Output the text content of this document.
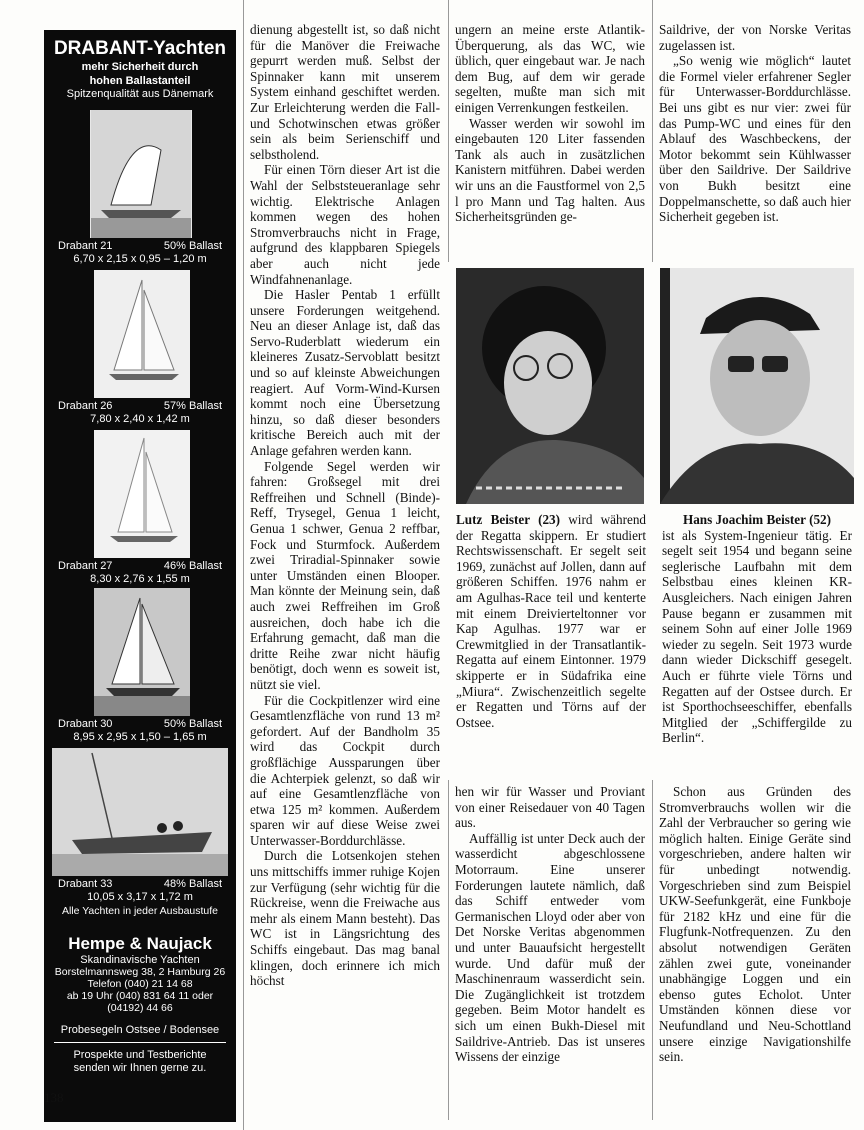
DRABANT-Yachten
mehr Sicherheit durch
hohen Ballastanteil
Spitzenqualität aus Dänemark
Drabant 21	50% Ballast
6,70 x 2,15 x 0,95 – 1,20 m
Drabant 26	57% Ballast
7,80 x 2,40 x 1,42 m
Drabant 27	46% Ballast
8,30 x 2,76 x 1,55 m
Drabant 30	50% Ballast
8,95 x 2,95 x 1,50 – 1,65 m
Drabant 33	48% Ballast
10,05 x 3,17 x 1,72 m
Alle Yachten in jeder Ausbaustufe
Hempe & Naujack
Skandinavische Yachten
Borstelmannsweg 38, 2 Hamburg 26
Telefon (040) 21 14 68
ab 19 Uhr (040) 831 64 11 oder
(04192) 44 66
Probesegeln Ostsee / Bodensee
Prospekte und Testberichte
senden wir Ihnen gerne zu.

dienung abgestellt ist, so daß nicht für die Manöver die Freiwache gepurrt werden muß. Selbst der Spinnaker kann mit unserem System einhand geschiftet werden. Zur Erleichterung werden die Fall- und Schotwinschen etwas größer sein als beim Serienschiff und selbstholend.

Für einen Törn dieser Art ist die Wahl der Selbststeueranlage sehr wichtig. Elektrische Anlagen kommen wegen des hohen Stromverbrauchs nicht in Frage, aufgrund des klappbaren Spiegels aber auch nicht jede Windfahnenanlage.

Die Hasler Pentab 1 erfüllt unsere Forderungen weitgehend. Neu an dieser Anlage ist, daß das Servo-Ruderblatt wiederum ein kleineres Zusatz-Servoblatt besitzt und so auf kleinste Abweichungen reagiert. Auf Vorm-Wind-Kursen kommt noch eine Übersetzung hinzu, so daß dieser besonders kritische Bereich auch mit der Anlage gefahren werden kann.

Folgende Segel werden wir fahren: Großsegel mit drei Reffreihen und Schnell (Binde)-Reff, Trysegel, Genua 1 leicht, Genua 1 schwer, Genua 2 reffbar, Fock und Sturmfock. Außerdem zwei Triradial-Spinnaker sowie unter Umständen einen Blooper. Man könnte der Meinung sein, daß auch zwei Reffreihen im Groß ausreichen, doch habe ich die Erfahrung gemacht, daß man die dritte Reihe zwar nicht häufig benötigt, doch wenn es soweit ist, nützt sie viel.

Für die Cockpitlenzer wird eine Gesamtlenzfläche von rund 13 m² gefordert. Auf der Bandholm 35 wird das Cockpit durch großflächige Aussparungen über die Achterpiek gelenzt, so daß wir auf eine Gesamtlenzfläche von etwa 125 m² kommen. Außerdem sparen wir auf diese Weise zwei Unterwasser-Borddurchlässe.

Durch die Lotsenkojen stehen uns mittschiffs immer ruhige Kojen zur Verfügung (sehr wichtig für die Rückreise, wenn die Freiwache aus mehr als einem Mann besteht). Das WC ist in Längsrichtung des Schiffs eingebaut. Das mag banal klingen, doch erinnere ich mich höchst

ungern an meine erste Atlantik-Überquerung, als das WC, wie üblich, quer eingebaut war. Je nach dem Bug, auf dem wir gerade segelten, mußte man sich mit einigen Verrenkungen festkeilen.

Wasser werden wir sowohl im eingebauten 120 Liter fassenden Tank als auch in zusätzlichen Kanistern mitführen. Dabei werden wir uns an die Faustformel von 2,5 l pro Mann und Tag halten. Aus Sicherheitsgründen ge-

Saildrive, der von Norske Veritas zugelassen ist.

„So wenig wie möglich“ lautet die Formel vieler erfahrener Segler für Unterwasser-Borddurchlässe. Bei uns gibt es nur vier: zwei für das Pump-WC und eines für den Ablauf des Waschbeckens, der Motor bekommt sein Kühlwasser über den Saildrive. Der Saildrive von Bukh besitzt eine Doppelmanschette, so daß auch hier Sicherheit gegeben ist.

Lutz Beister (23) wird während der Regatta skippern. Er studiert Rechtswissenschaft. Er segelt seit 1969, zunächst auf Jollen, dann auf größeren Schiffen. 1976 nahm er am Agulhas-Race teil und kenterte mit einem Dreivierteltonner vor Kap Agulhas. 1977 war er Crewmitglied in der Transatlantik-Regatta auf einem Eintonner. 1979 skipperte er in Südafrika eine „Miura“. Zwischenzeitlich segelte er Regatten und Törns auf der Ostsee.

Hans Joachim Beister (52)

ist als System-Ingenieur tätig. Er segelt seit 1954 und begann seine seglerische Laufbahn mit dem Selbstbau eines kleinen KR-Ausgleichers. Nach einigen Jahren Pause begann er zusammen mit seinem Sohn auf einer Jolle 1969 wieder zu segeln. Seit 1973 wurde dann wieder Dickschiff gesegelt. Auch er führte viele Törns und Regatten auf der Ostsee durch. Er ist Sporthochseeschiffer, ebenfalls Mitglied der „Schiffergilde zu Berlin“.

hen wir für Wasser und Proviant von einer Reisedauer von 40 Tagen aus.

Auffällig ist unter Deck auch der wasserdicht abgeschlossene Motorraum. Eine unserer Forderungen lautete nämlich, daß das Schiff entweder vom Germanischen Lloyd oder aber von Det Norske Veritas abgenommen und unter Bauaufsicht hergestellt wurde. Und dafür muß der Maschinenraum wasserdicht sein. Die Zugänglichkeit ist trotzdem gegeben. Beim Motor handelt es sich um einen Bukh-Diesel mit Saildrive-Antrieb. Das ist unseres Wissens der einzige

Schon aus Gründen des Stromverbrauchs wollen wir die Zahl der Verbraucher so gering wie möglich halten. Einige Geräte sind vorgeschrieben, andere halten wir für unbedingt notwendig. Vorgeschrieben sind zum Beispiel UKW-Seefunkgerät, eine Funkboje für 2182 kHz und eine für die Flugfunk-Notfrequenzen. Zu den absolut notwendigen Geräten zählen zwei gute, voneinander unabhängige Loggen und ein ebenso gutes Echolot. Unter Umständen können diese vor Neufundland und Neu-Schottland unsere einzige Navigationshilfe sein.

138
